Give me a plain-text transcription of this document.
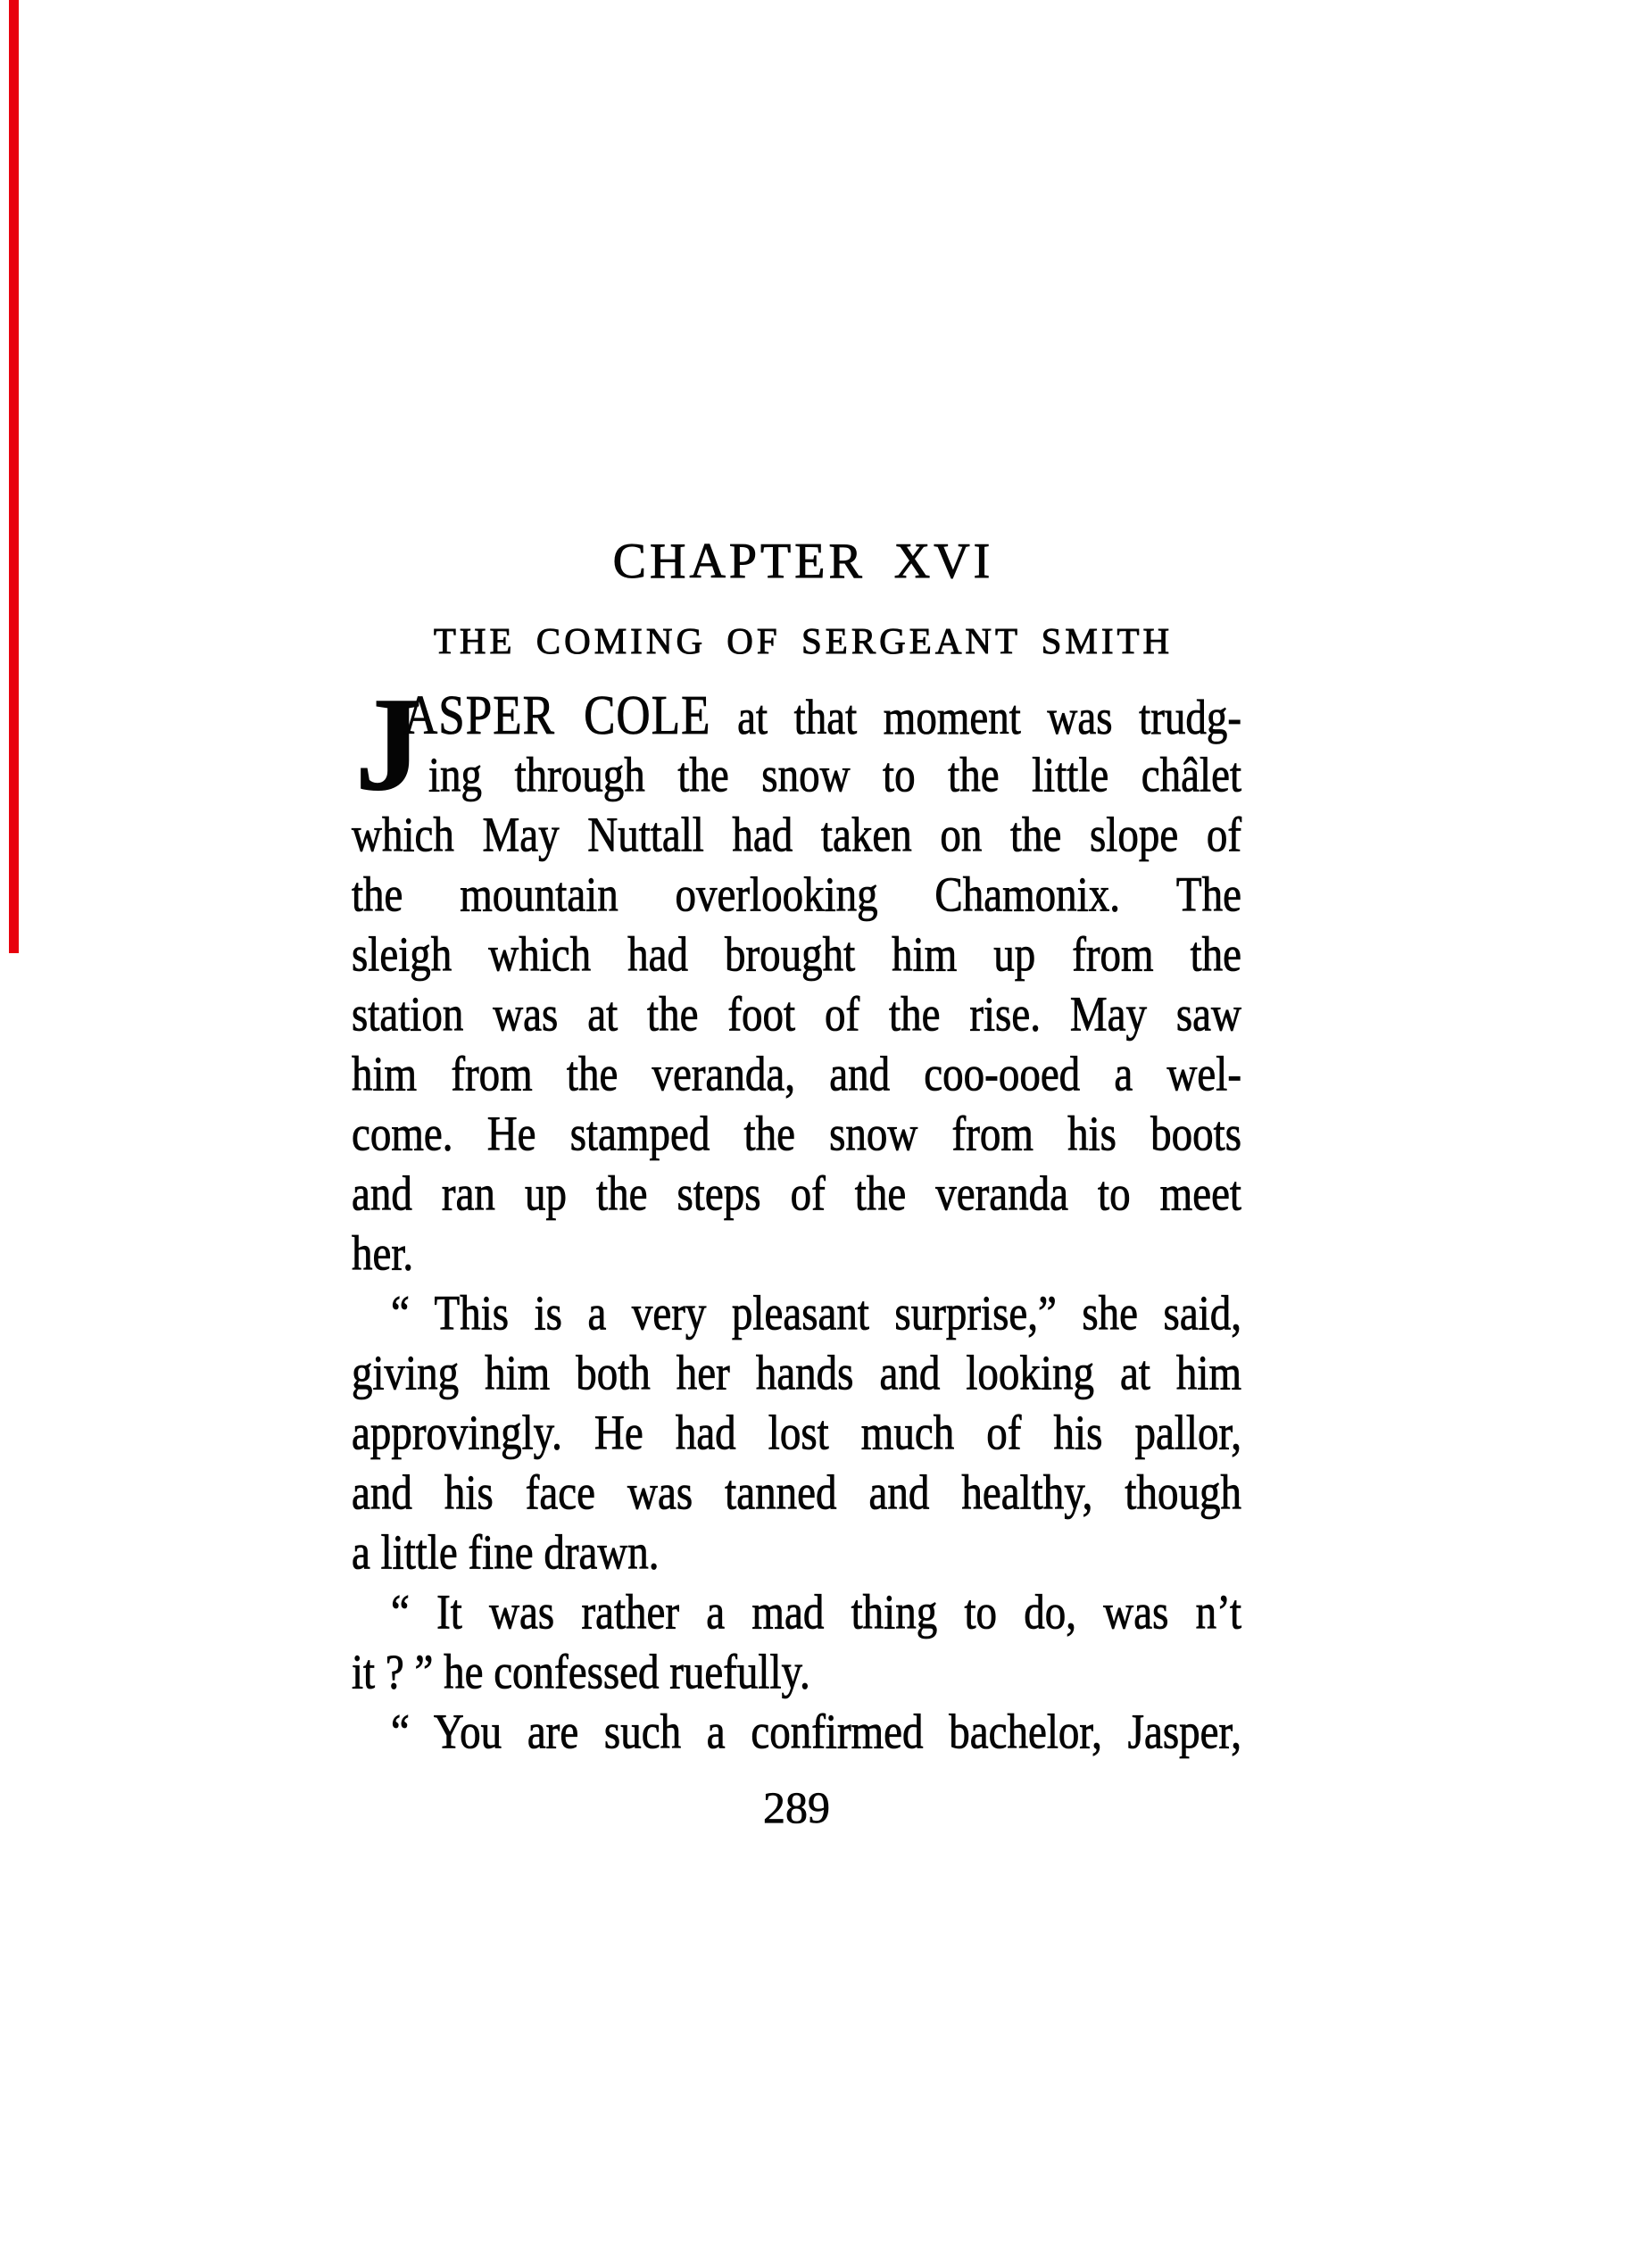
CHAPTER XVI
THE COMING OF SERGEANT SMITH
J
ASPER COLE at that moment was trudg-
ing through the snow to the little châlet
which May Nuttall had taken on the slope of
the mountain overlooking Chamonix. The
sleigh which had brought him up from the
station was at the foot of the rise. May saw
him from the veranda, and coo-ooed a wel-
come. He stamped the snow from his boots
and ran up the steps of the veranda to meet
her.
“ This is a very pleasant surprise,” she said,
giving him both her hands and looking at him
approvingly. He had lost much of his pallor,
and his face was tanned and healthy, though
a little fine drawn.
“ It was rather a mad thing to do, was n’t
it ? ” he confessed ruefully.
“ You are such a confirmed bachelor, Jasper,
289
